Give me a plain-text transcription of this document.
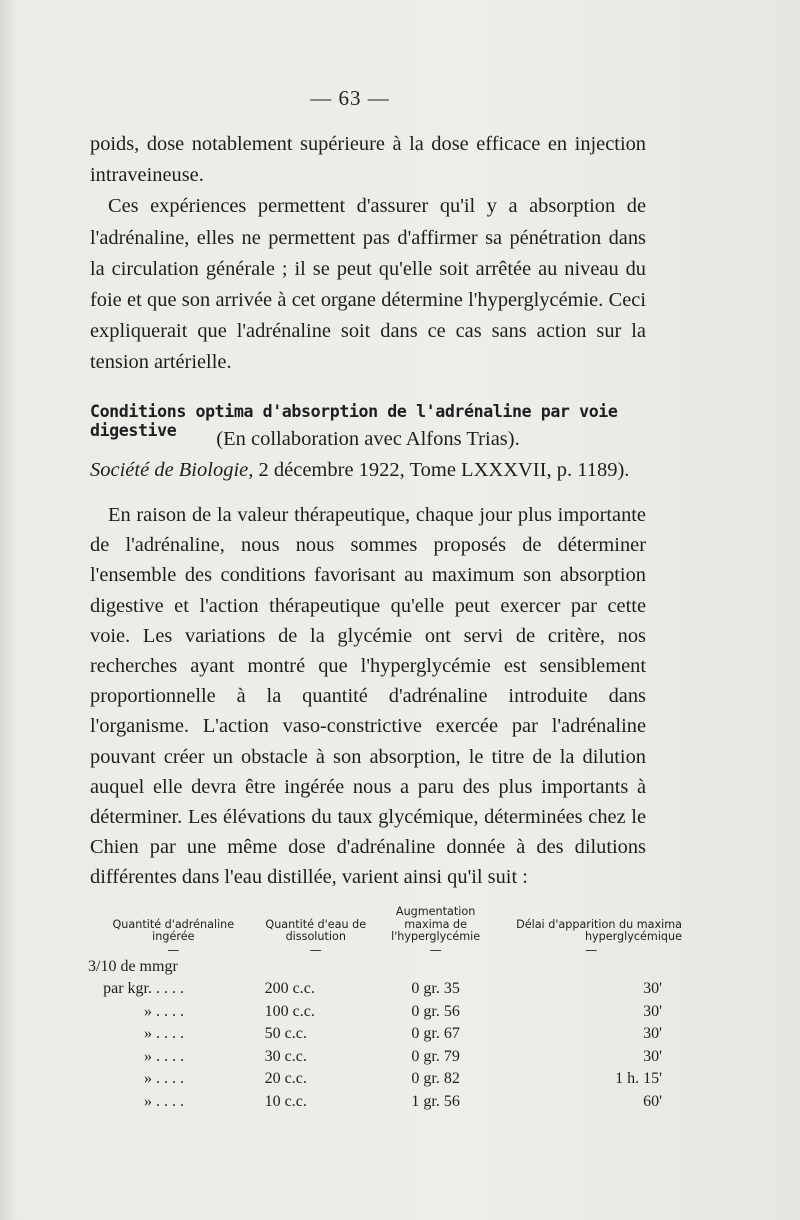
— 63 —

poids, dose notablement supérieure à la dose efficace en injection intraveineuse.

Ces expériences permettent d'assurer qu'il y a absorption de l'adrénaline, elles ne permettent pas d'affirmer sa pénétration dans la circulation générale ; il se peut qu'elle soit arrêtée au niveau du foie et que son arrivée à cet organe détermine l'hyperglycémie. Ceci expliquerait que l'adrénaline soit dans ce cas sans action sur la tension artérielle.

Conditions optima d'absorption de l'adrénaline par voie digestive	(En collaboration avec Alfons Trias).
Société de Biologie, 2 décembre 1922, Tome LXXXVII, p. 1189).

En raison de la valeur thérapeutique, chaque jour plus importante de l'adrénaline, nous nous sommes proposés de déterminer l'ensemble des conditions favorisant au maximum son absorption digestive et l'action thérapeutique qu'elle peut exercer par cette voie. Les variations de la glycémie ont servi de critère, nos recherches ayant montré que l'hyperglycémie est sensiblement proportionnelle à la quantité d'adrénaline introduite dans l'organisme. L'action vaso-constrictive exercée par l'adrénaline pouvant créer un obstacle à son absorption, le titre de la dilution auquel elle devra être ingérée nous a paru des plus importants à déterminer. Les élévations du taux glycémique, déterminées chez le Chien par une même dose d'adrénaline donnée à des dilutions différentes dans l'eau distillée, varient ainsi qu'il suit :

Quantité d'adrénaline ingérée	Quantité d'eau de dissolution	Augmentation maxima de l'hyperglycémie	Délai d'apparition du maxima hyperglycémique

—	—	—	—

3/10 de mmgr			
par kgr. ....	200 c.c.	0 gr. 35	30'
» ....	100 c.c.	0 gr. 56	30'
» ....	50 c.c.	0 gr. 67	30'
» ....	30 c.c.	0 gr. 79	30'
» ....	20 c.c.	0 gr. 82	1 h. 15'
» ....	10 c.c.	1 gr. 56	60'
